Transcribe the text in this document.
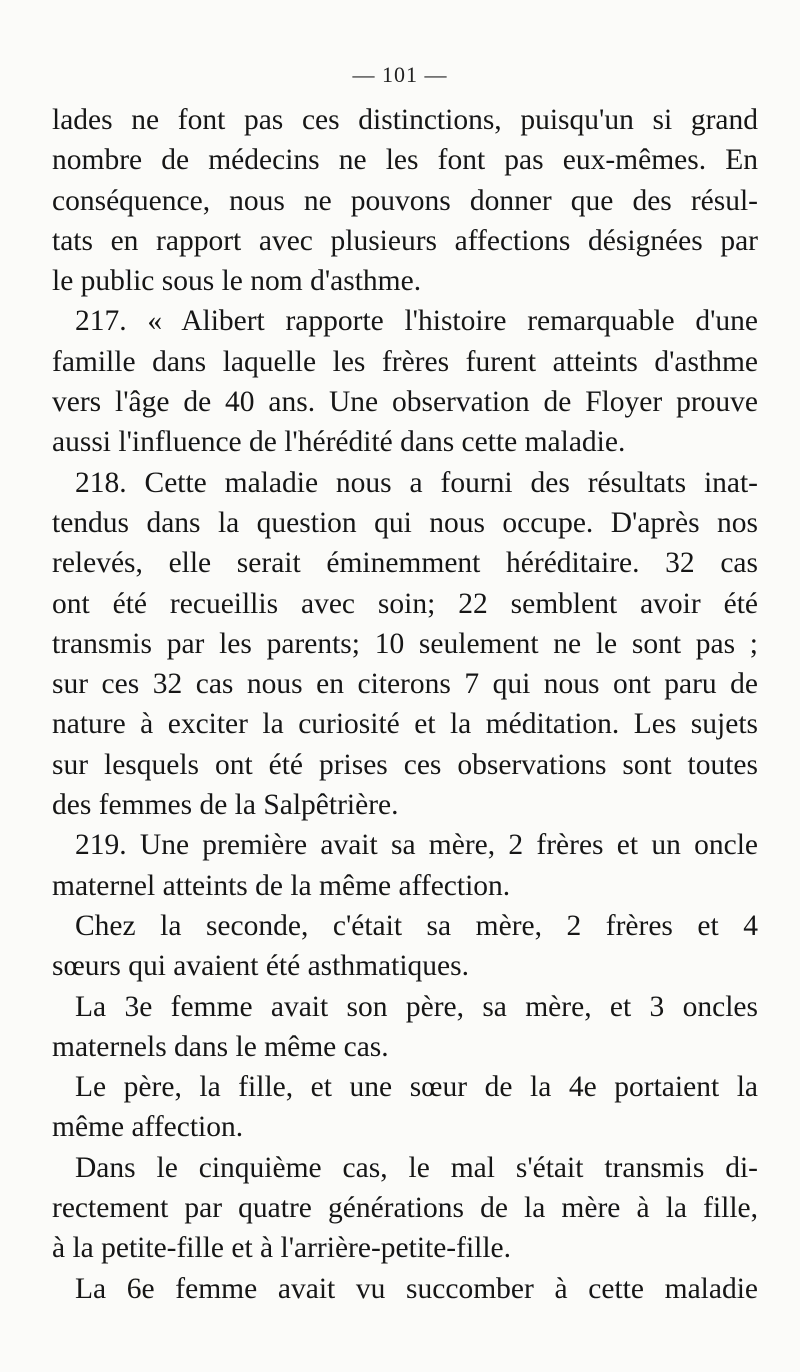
— 101 —
lades ne font pas ces distinctions, puisqu'un si grand
nombre de médecins ne les font pas eux-mêmes. En
conséquence, nous ne pouvons donner que des résul-
tats en rapport avec plusieurs affections désignées par
le public sous le nom d'asthme.
217. « Alibert rapporte l'histoire remarquable d'une
famille dans laquelle les frères furent atteints d'asthme
vers l'âge de 40 ans. Une observation de Floyer prouve
aussi l'influence de l'hérédité dans cette maladie.
218. Cette maladie nous a fourni des résultats inat-
tendus dans la question qui nous occupe. D'après nos
relevés, elle serait éminemment héréditaire. 32 cas
ont été recueillis avec soin; 22 semblent avoir été
transmis par les parents; 10 seulement ne le sont pas ;
sur ces 32 cas nous en citerons 7 qui nous ont paru de
nature à exciter la curiosité et la méditation. Les sujets
sur lesquels ont été prises ces observations sont toutes
des femmes de la Salpêtrière.
219. Une première avait sa mère, 2 frères et un oncle
maternel atteints de la même affection.
Chez la seconde, c'était sa mère, 2 frères et 4
sœurs qui avaient été asthmatiques.
La 3e femme avait son père, sa mère, et 3 oncles
maternels dans le même cas.
Le père, la fille, et une sœur de la 4e portaient la
même affection.
Dans le cinquième cas, le mal s'était transmis di-
rectement par quatre générations de la mère à la fille,
à la petite-fille et à l'arrière-petite-fille.
La 6e femme avait vu succomber à cette maladie
